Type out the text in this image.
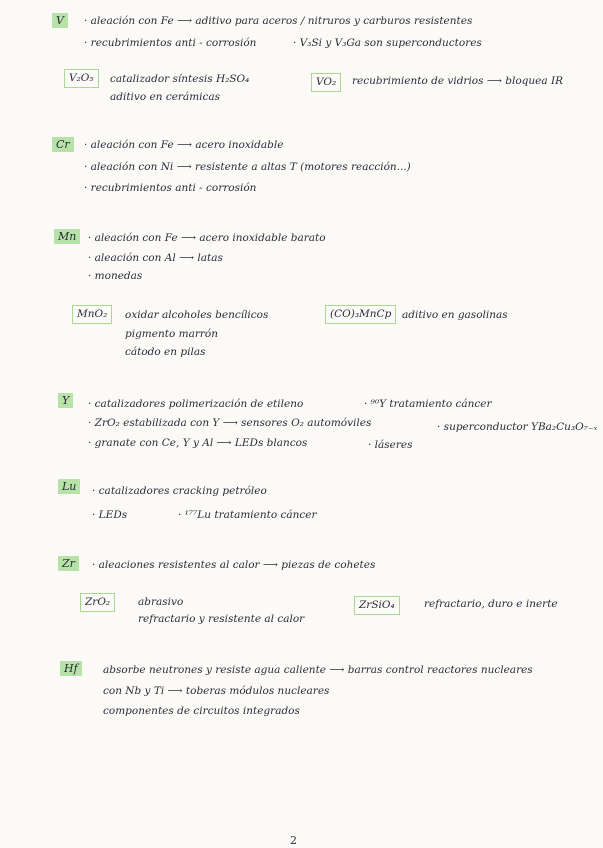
V	· aleación con Fe ⟶ aditivo para aceros / nitruros y carburos resistentes
· recubrimientos anti - corrosión	· V₃Si y V₃Ga son superconductores
V₂O₅	catalizador síntesis H₂SO₄
aditivo en cerámicas
VO₂	recubrimiento de vidrios ⟶ bloquea IR
Cr	· aleación con Fe ⟶ acero inoxidable
· aleación con Ni ⟶ resistente a altas T (motores reacción...)
· recubrimientos anti - corrosión
Mn	· aleación con Fe ⟶ acero inoxidable barato
· aleación con Al ⟶ latas
· monedas
MnO₂	oxidar alcoholes bencílicos
pigmento marrón
cátodo en pilas
(CO)₃MnCp	aditivo en gasolinas
Y	· catalizadores polimerización de etileno	· ⁹⁰Y tratamiento cáncer
· ZrO₂ estabilizada con Y ⟶ sensores O₂ automóviles	· superconductor YBa₂Cu₃O₇₋ₓ
· granate con Ce, Y y Al ⟶ LEDs blancos	· láseres
Lu	· catalizadores cracking petróleo
· LEDs	· ¹⁷⁷Lu tratamiento cáncer
Zr	· aleaciones resistentes al calor ⟶ piezas de cohetes
ZrO₂	abrasivo
refractario y resistente al calor
ZrSiO₄	refractario, duro e inerte
Hf	absorbe neutrones y resiste agua caliente ⟶ barras control reactores nucleares
con Nb y Ti ⟶ toberas módulos nucleares
componentes de circuitos integrados
2
